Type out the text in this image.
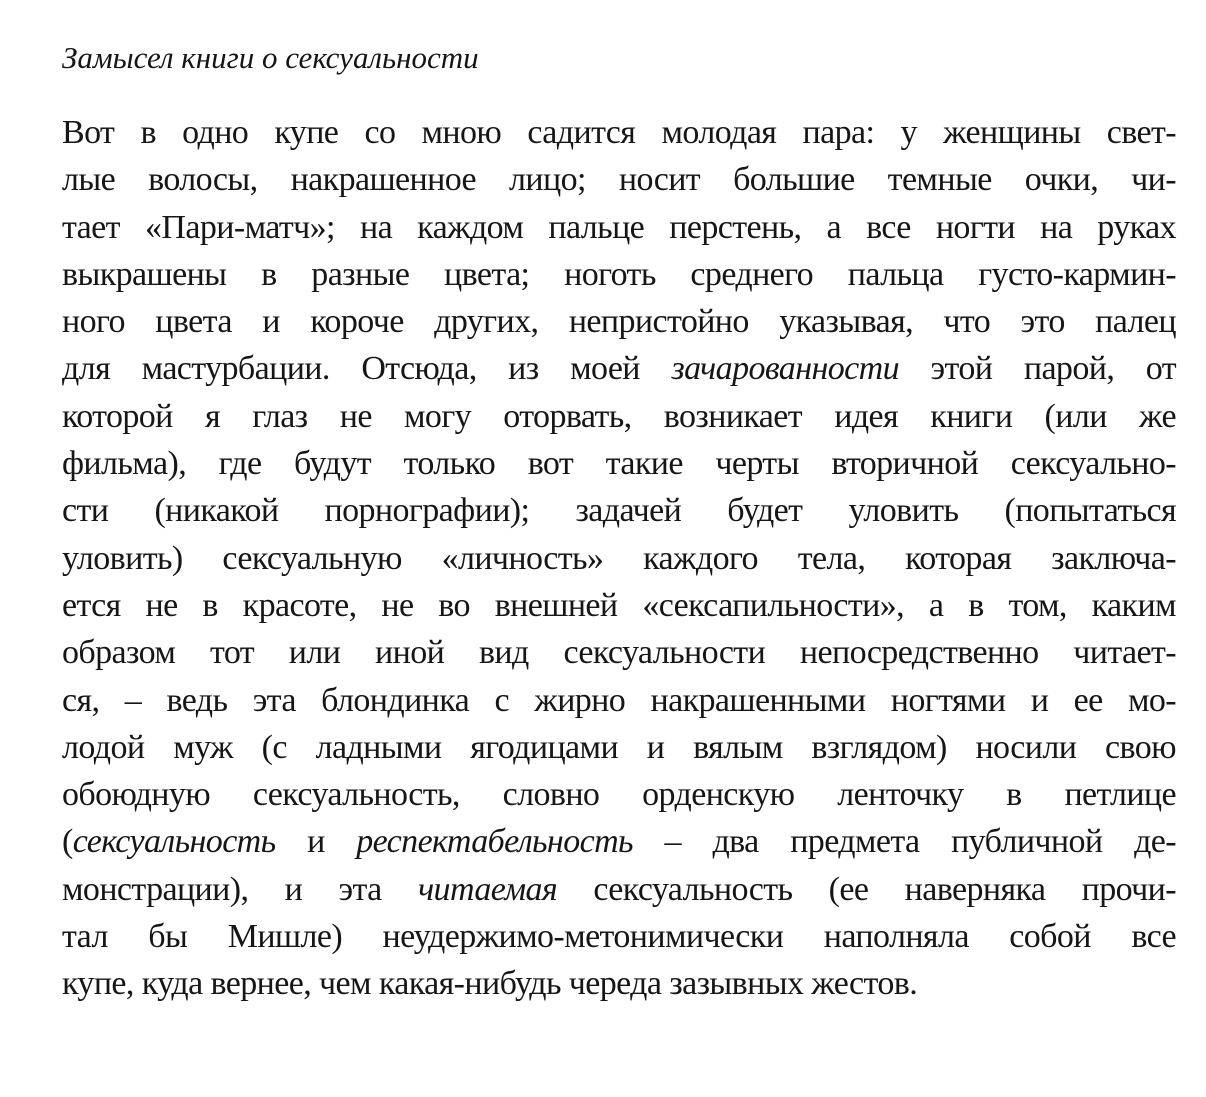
Замысел книги о сексуальности
Вот в одно купе со мною садится молодая пара: у женщины свет-
лые волосы, накрашенное лицо; носит большие темные очки, чи-
тает «Пари-матч»; на каждом пальце перстень, а все ногти на руках
выкрашены в разные цвета; ноготь среднего пальца густо-кармин-
ного цвета и короче других, непристойно указывая, что это палец
для мастурбации. Отсюда, из моей зачарованности этой парой, от
которой я глаз не могу оторвать, возникает идея книги (или же
фильма), где будут только вот такие черты вторичной сексуально-
сти (никакой порнографии); задачей будет уловить (попытаться
уловить) сексуальную «личность» каждого тела, которая заключа-
ется не в красоте, не во внешней «сексапильности», а в том, каким
образом тот или иной вид сексуальности непосредственно читает-
ся, – ведь эта блондинка с жирно накрашенными ногтями и ее мо-
лодой муж (с ладными ягодицами и вялым взглядом) носили свою
обоюдную сексуальность, словно орденскую ленточку в петлице
(сексуальность и респектабельность – два предмета публичной де-
монстрации), и эта читаемая сексуальность (ее наверняка прочи-
тал бы Мишле) неудержимо-метонимически наполняла собой все
купе, куда вернее, чем какая-нибудь череда зазывных жестов.
